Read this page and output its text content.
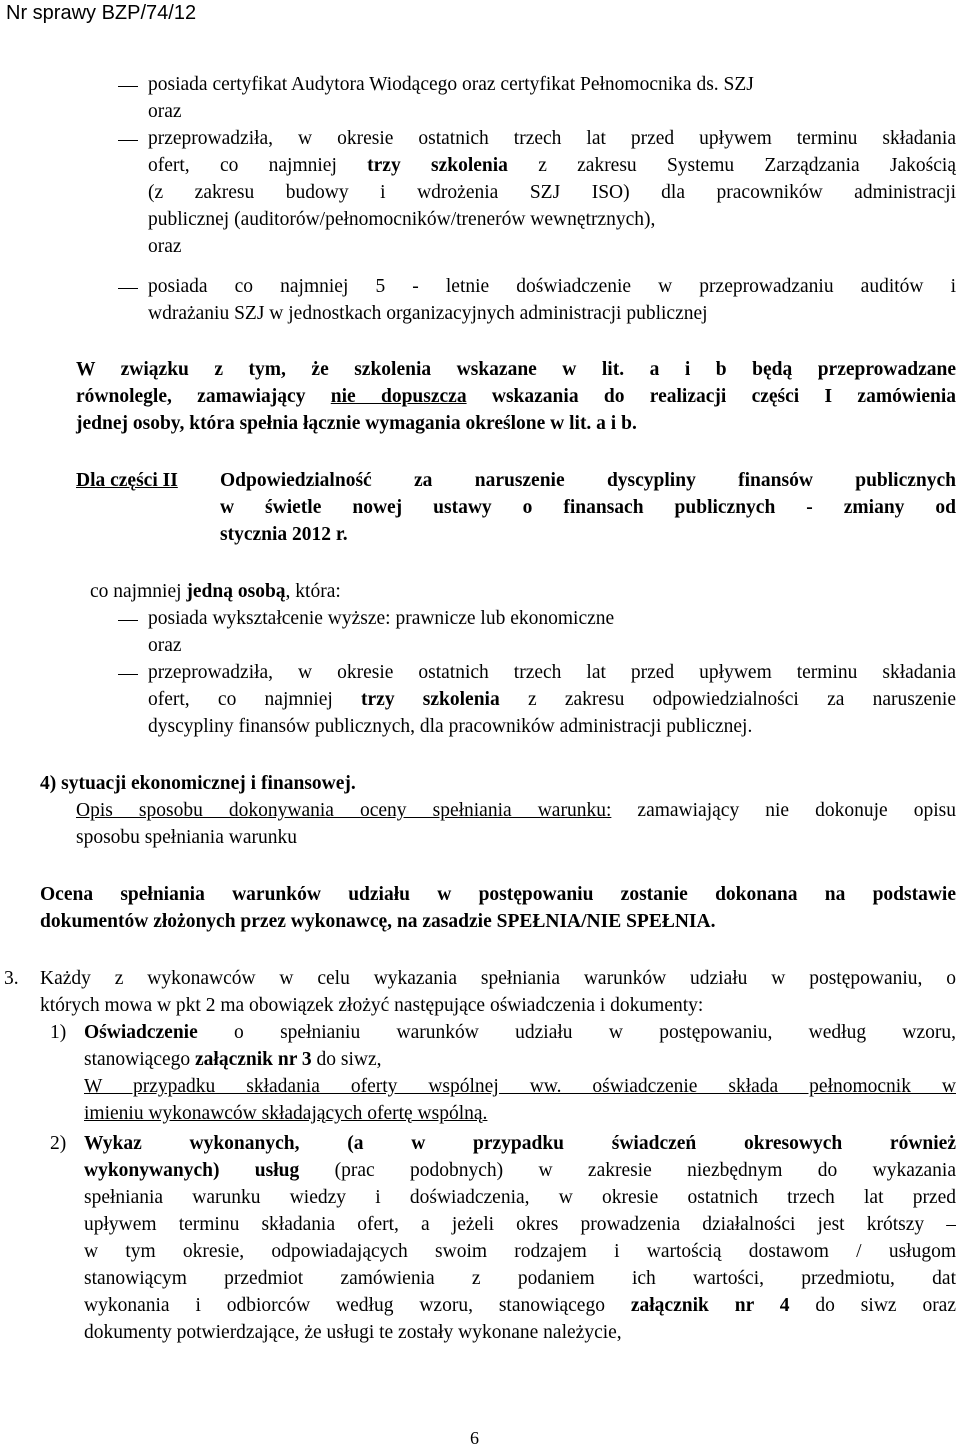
Nr sprawy BZP/74/12
posiada certyfikat Audytora Wiodącego oraz certyfikat Pełnomocnika ds. SZJ
oraz
przeprowadziła, w okresie ostatnich trzech lat przed upływem terminu składania
ofert, co najmniej trzy szkolenia z zakresu Systemu Zarządzania Jakością
(z zakresu budowy i wdrożenia SZJ ISO) dla pracowników administracji
publicznej (auditorów/pełnomocników/trenerów wewnętrznych),
oraz
posiada co najmniej 5 - letnie doświadczenie w przeprowadzaniu auditów i
wdrażaniu SZJ w jednostkach organizacyjnych administracji publicznej
W związku z tym, że szkolenia wskazane w lit. a i b będą przeprowadzane
równolegle, zamawiający nie dopuszcza wskazania do realizacji części I zamówienia
jednej osoby, która spełnia łącznie wymagania określone w lit. a i b.
Dla części II Odpowiedzialność za naruszenie dyscypliny finansów publicznych
w świetle nowej ustawy o finansach publicznych - zmiany od
stycznia 2012 r.
co najmniej jedną osobą, która:
posiada wykształcenie wyższe: prawnicze lub ekonomiczne
oraz
przeprowadziła, w okresie ostatnich trzech lat przed upływem terminu składania
ofert, co najmniej trzy szkolenia z zakresu odpowiedzialności za naruszenie
dyscypliny finansów publicznych, dla pracowników administracji publicznej.
4) sytuacji ekonomicznej i finansowej.
Opis sposobu dokonywania oceny spełniania warunku: zamawiający nie dokonuje opisu
sposobu spełniania warunku
Ocena spełniania warunków udziału w postępowaniu zostanie dokonana na podstawie
dokumentów złożonych przez wykonawcę, na zasadzie SPEŁNIA/NIE SPEŁNIA.
3. Każdy z wykonawców w celu wykazania spełniania warunków udziału w postępowaniu, o
których mowa w pkt 2 ma obowiązek złożyć następujące oświadczenia i dokumenty:
1) Oświadczenie o spełnianiu warunków udziału w postępowaniu, według wzoru,
stanowiącego załącznik nr 3 do siwz,
W przypadku składania oferty wspólnej ww. oświadczenie składa pełnomocnik w
imieniu wykonawców składających ofertę wspólną.
2) Wykaz wykonanych, (a w przypadku świadczeń okresowych również
wykonywanych) usług (prac podobnych) w zakresie niezbędnym do wykazania
spełniania warunku wiedzy i doświadczenia, w okresie ostatnich trzech lat przed
upływem terminu składania ofert, a jeżeli okres prowadzenia działalności jest krótszy –
w tym okresie, odpowiadających swoim rodzajem i wartością dostawom / usługom
stanowiącym przedmiot zamówienia z podaniem ich wartości, przedmiotu, dat
wykonania i odbiorców według wzoru, stanowiącego załącznik nr 4 do siwz oraz
dokumenty potwierdzające, że usługi te zostały wykonane należycie,
6
